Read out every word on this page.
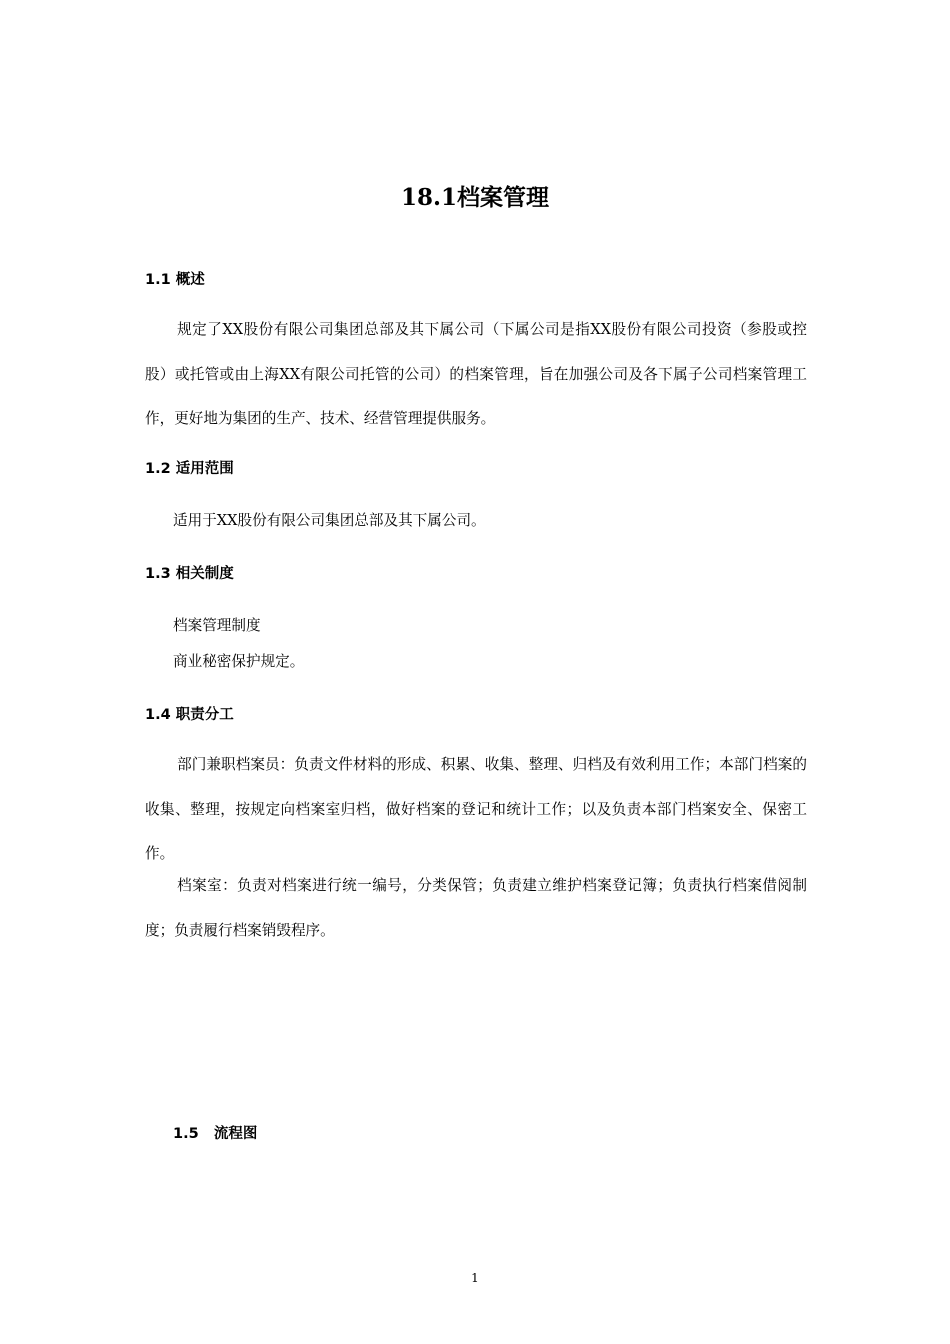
18.1档案管理
1.1 概述

规定了XX股份有限公司集团总部及其下属公司（下属公司是指XX股份有限公司投资（参股或控股）或托管或由上海XX有限公司托管的公司）的档案管理，旨在加强公司及各下属子公司档案管理工作，更好地为集团的生产、技术、经营管理提供服务。

1.2 适用范围

适用于XX股份有限公司集团总部及其下属公司。

1.3 相关制度

档案管理制度

商业秘密保护规定。

1.4 职责分工

部门兼职档案员：负责文件材料的形成、积累、收集、整理、归档及有效利用工作；本部门档案的收集、整理，按规定向档案室归档，做好档案的登记和统计工作；以及负责本部门档案安全、保密工作。

档案室：负责对档案进行统一编号，分类保管；负责建立维护档案登记簿；负责执行档案借阅制度；负责履行档案销毁程序。

1.5   流程图
1
